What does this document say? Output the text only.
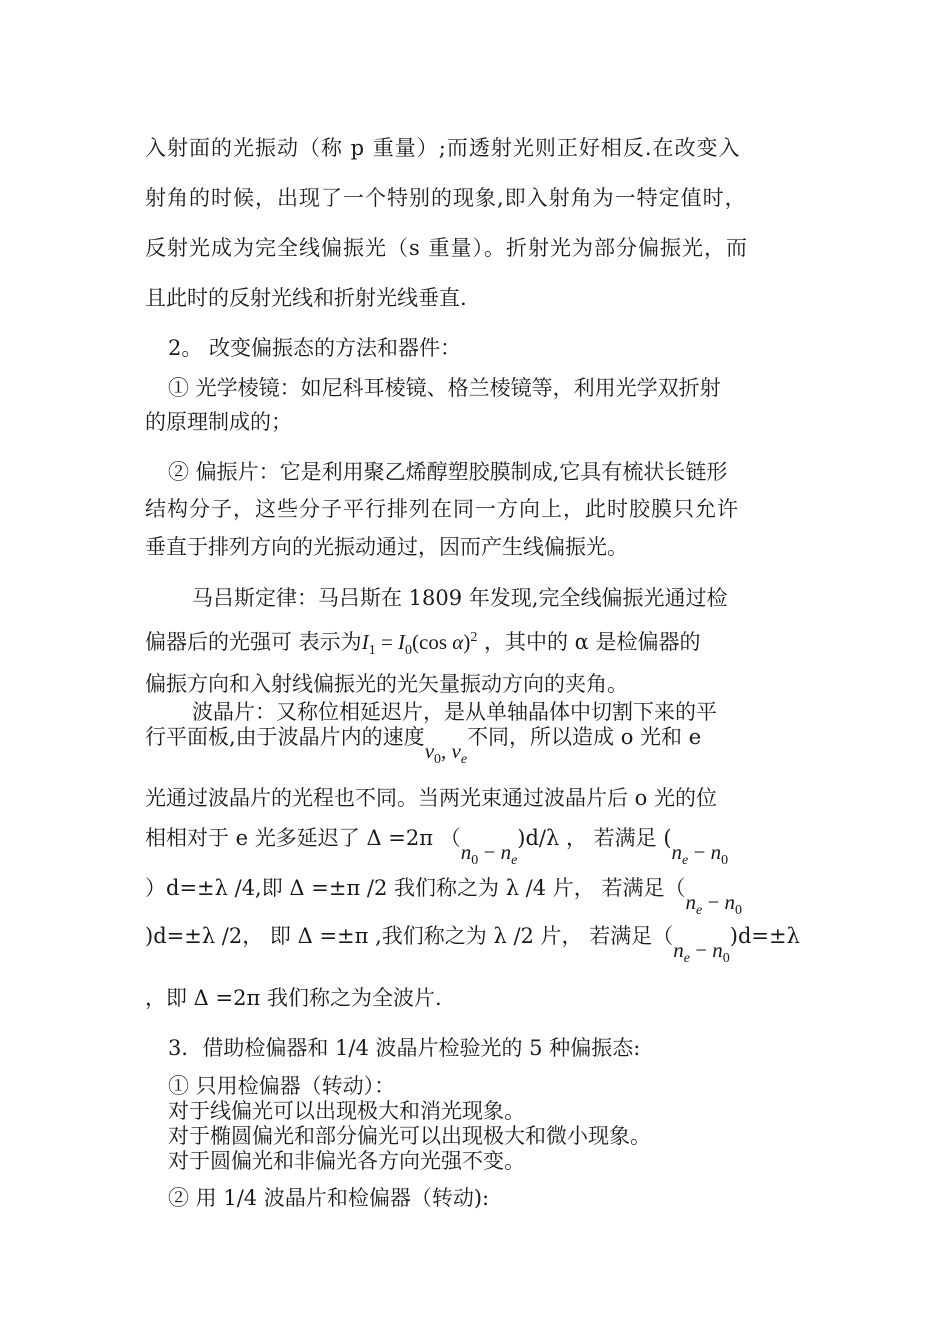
入射面的光振动（称 p 重量）;而透射光则正好相反.在改变入
射角的时候，出现了一个特别的现象,即入射角为一特定值时，
反射光成为完全线偏振光（s 重量）。折射光为部分偏振光，而
且此时的反射光线和折射光线垂直.
2。 改变偏振态的方法和器件：
① 光学棱镜：如尼科耳棱镜、格兰棱镜等，利用光学双折射
的原理制成的；
② 偏振片：它是利用聚乙烯醇塑胶膜制成,它具有梳状长链形
结构分子，这些分子平行排列在同一方向上，此时胶膜只允许
垂直于排列方向的光振动通过，因而产生线偏振光。
马吕斯定律：马吕斯在 1809 年发现,完全线偏振光通过检
偏器后的光强可 表示为$I_1 = I_0(\cos$ α)$^2$ ，其中的 α 是检偏器的
偏振方向和入射线偏振光的光矢量振动方向的夹角。
波晶片：又称位相延迟片，是从单轴晶体中切割下来的平
行平面板,由于波晶片内的速度$v_0$, $v_e$不同，所以造成 o 光和 e
光通过波晶片的光程也不同。当两光束通过波晶片后 o 光的位
相相对于 e 光多延迟了 Δ =2π $(n_0 - n_e)d/\lambda$ ， 若满足 ($n_e - n_0$
）d=±λ /4,即 Δ =±π /2 我们称之为 λ /4 片， 若满足（$n_e - n_0$
)d=±λ /2， 即 Δ =±π ,我们称之为 λ /2 片， 若满足$(n_e - n_0)d=\pm\lambda$
，即 Δ =2π 我们称之为全波片.
3．借助检偏器和 1/4 波晶片检验光的 5 种偏振态:
① 只用检偏器（转动）：
对于线偏光可以出现极大和消光现象。
对于椭圆偏光和部分偏光可以出现极大和微小现象。
对于圆偏光和非偏光各方向光强不变。
② 用 1/4 波晶片和检偏器（转动):
